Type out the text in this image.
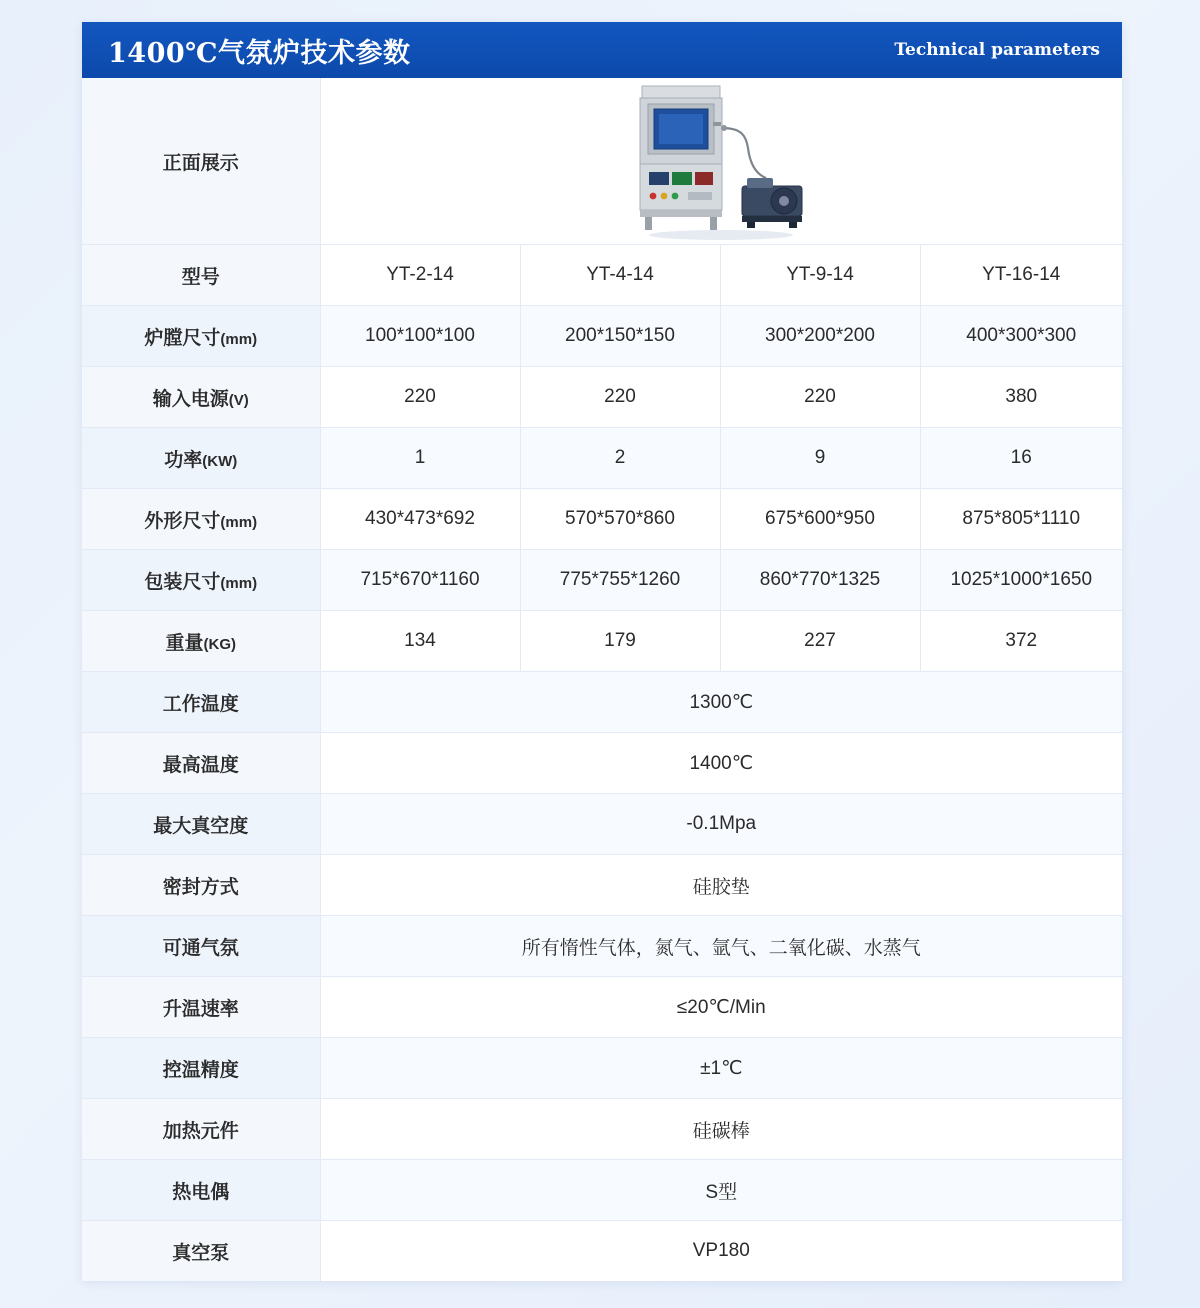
1400℃气氛炉技术参数	Technical parameters
正面展示	

型号	YT-2-14	YT-4-14	YT-9-14	YT-16-14
炉膛尺寸(mm)	100*100*100	200*150*150	300*200*200	400*300*300
输入电源(V)	220	220	220	380
功率(KW)	1	2	9	16
外形尺寸(mm)	430*473*692	570*570*860	675*600*950	875*805*1110
包装尺寸(mm)	715*670*1160	775*755*1260	860*770*1325	1025*1000*1650
重量(KG)	134	179	227	372
工作温度	1300℃			
最高温度	1400℃			
最大真空度	-0.1Mpa			
密封方式	硅胶垫			
可通气氛	所有惰性气体，氮气、氩气、二氧化碳、水蒸气			
升温速率	≤20℃/Min			
控温精度	±1℃			
加热元件	硅碳棒			
热电偶	S型			
真空泵	VP180			
